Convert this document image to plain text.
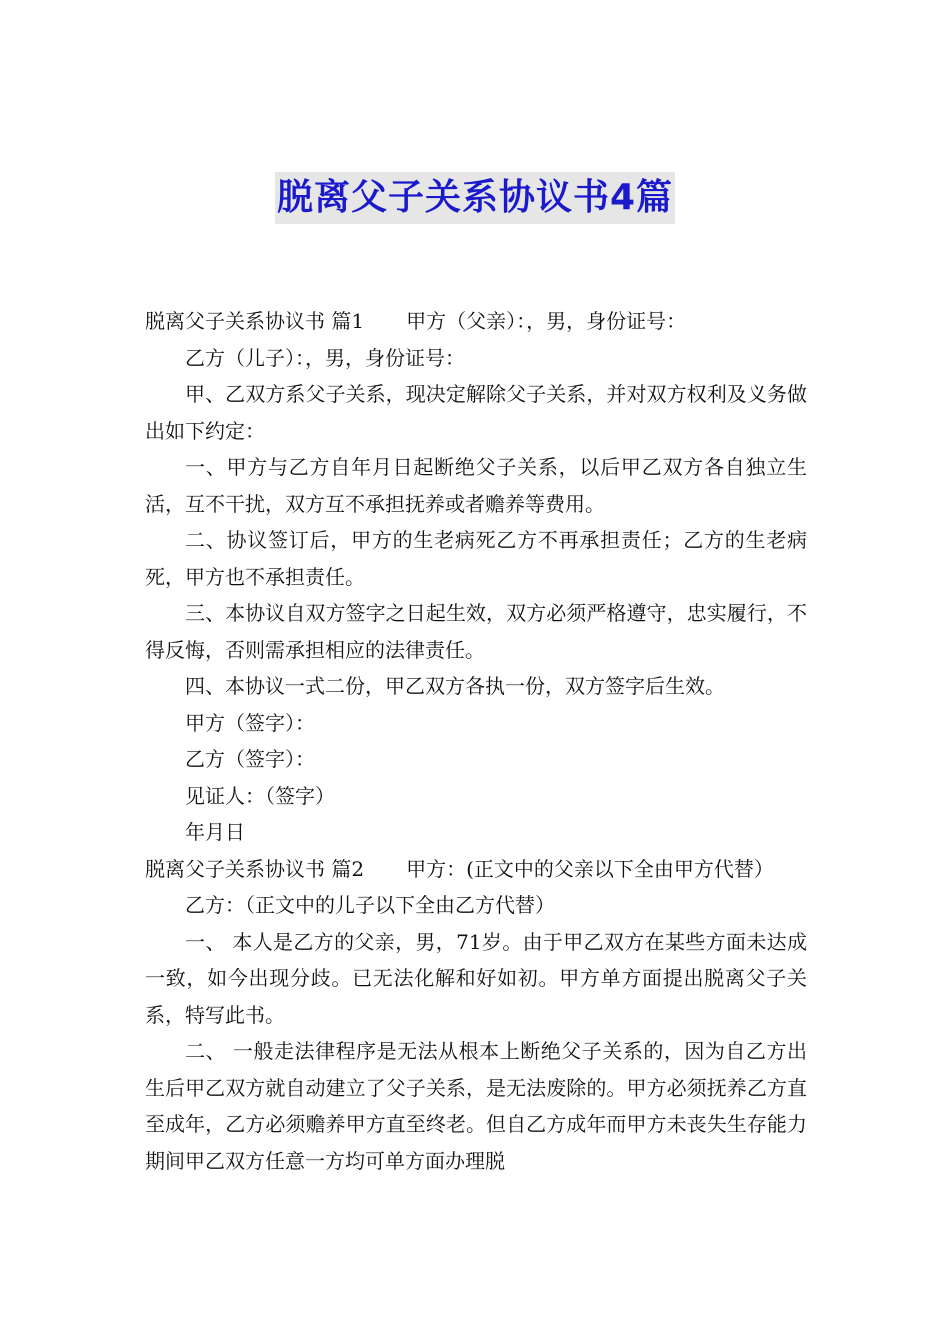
脱离父子关系协议书4篇

脱离父子关系协议书 篇1 甲方（父亲）：，男，身份证号：

乙方（儿子）：，男，身份证号：

甲、乙双方系父子关系，现决定解除父子关系，并对双方权利及义务做出如下约定：

一、甲方与乙方自年月日起断绝父子关系，以后甲乙双方各自独立生活，互不干扰，双方互不承担抚养或者赡养等费用。

二、协议签订后，甲方的生老病死乙方不再承担责任；乙方的生老病死，甲方也不承担责任。

三、本协议自双方签字之日起生效，双方必须严格遵守，忠实履行，不得反悔，否则需承担相应的法律责任。

四、本协议一式二份，甲乙双方各执一份，双方签字后生效。

甲方（签字）：

乙方（签字）：

见证人：（签字）

年月日

脱离父子关系协议书 篇2 甲方：(正文中的父亲以下全由甲方代替）

乙方：（正文中的儿子以下全由乙方代替）

一、 本人是乙方的父亲，男，71岁。由于甲乙双方在某些方面未达成一致，如今出现分歧。已无法化解和好如初。甲方单方面提出脱离父子关系，特写此书。

二、 一般走法律程序是无法从根本上断绝父子关系的，因为自乙方出生后甲乙双方就自动建立了父子关系，是无法废除的。甲方必须抚养乙方直至成年，乙方必须赡养甲方直至终老。但自乙方成年而甲方未丧失生存能力期间甲乙双方任意一方均可单方面办理脱
